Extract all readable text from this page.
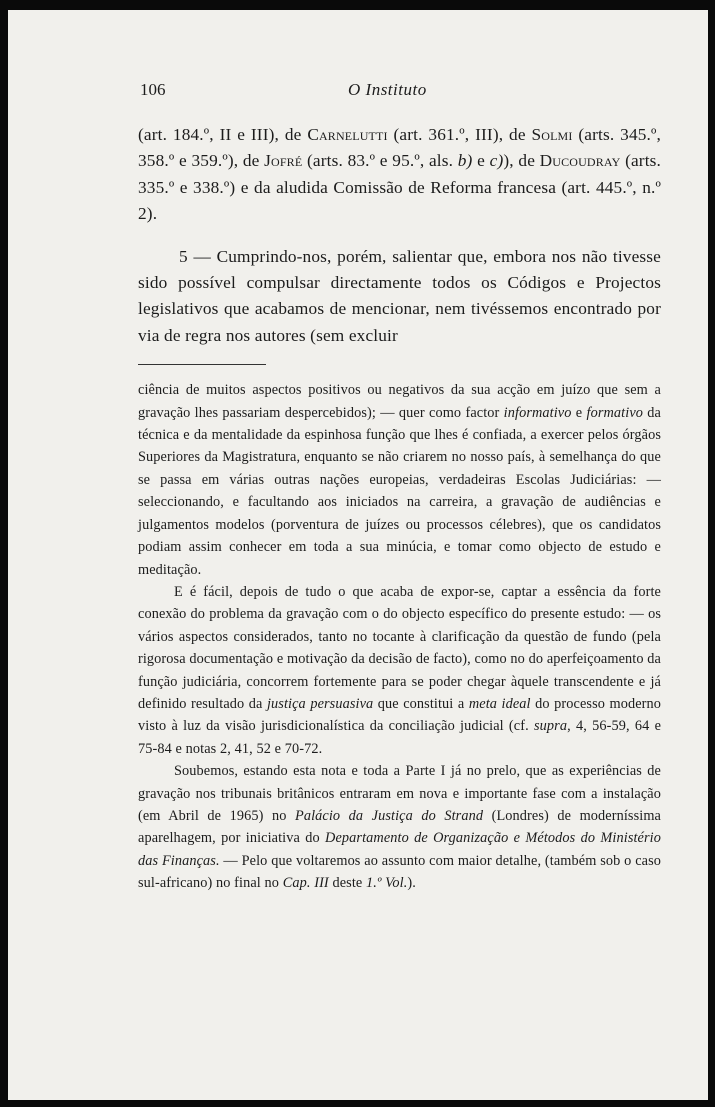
106	O Instituto

(art. 184.º, II e III), de Carnelutti (art. 361.º, III), de Solmi (arts. 345.º, 358.º e 359.º), de Jofré (arts. 83.º e 95.º, als. b) e c)), de Ducoudray (arts. 335.º e 338.º) e da aludida Comissão de Reforma francesa (art. 445.º, n.º 2).

5 — Cumprindo-nos, porém, salientar que, embora nos não tivesse sido possível compulsar directamente todos os Códigos e Projectos legislativos que acabamos de mencionar, nem tivéssemos encontrado por via de regra nos autores (sem excluir

ciência de muitos aspectos positivos ou negativos da sua acção em juízo que sem a gravação lhes passariam despercebidos); — quer como factor informativo e formativo da técnica e da mentalidade da espinhosa função que lhes é confiada, a exercer pelos órgãos Superiores da Magistratura, enquanto se não criarem no nosso país, à semelhança do que se passa em várias outras nações europeias, verdadeiras Escolas Judiciárias: — seleccionando, e facultando aos iniciados na carreira, a gravação de audiências e julgamentos modelos (porventura de juízes ou processos célebres), que os candidatos podiam assim conhecer em toda a sua minúcia, e tomar como objecto de estudo e meditação.

E é fácil, depois de tudo o que acaba de expor-se, captar a essência da forte conexão do problema da gravação com o do objecto específico do presente estudo: — os vários aspectos considerados, tanto no tocante à clarificação da questão de fundo (pela rigorosa documentação e motivação da decisão de facto), como no do aperfeiçoamento da função judiciária, concorrem fortemente para se poder chegar àquele transcendente e já definido resultado da justiça persuasiva que constitui a meta ideal do processo moderno visto à luz da visão jurisdicionalística da conciliação judicial (cf. supra, 4, 56-59, 64 e 75-84 e notas 2, 41, 52 e 70-72.

Soubemos, estando esta nota e toda a Parte I já no prelo, que as experiências de gravação nos tribunais britânicos entraram em nova e importante fase com a instalação (em Abril de 1965) no Palácio da Justiça do Strand (Londres) de moderníssima aparelhagem, por iniciativa do Departamento de Organização e Métodos do Ministério das Finanças. — Pelo que voltaremos ao assunto com maior detalhe, (também sob o caso sul-africano) no final no Cap. III deste 1.º Vol.).
